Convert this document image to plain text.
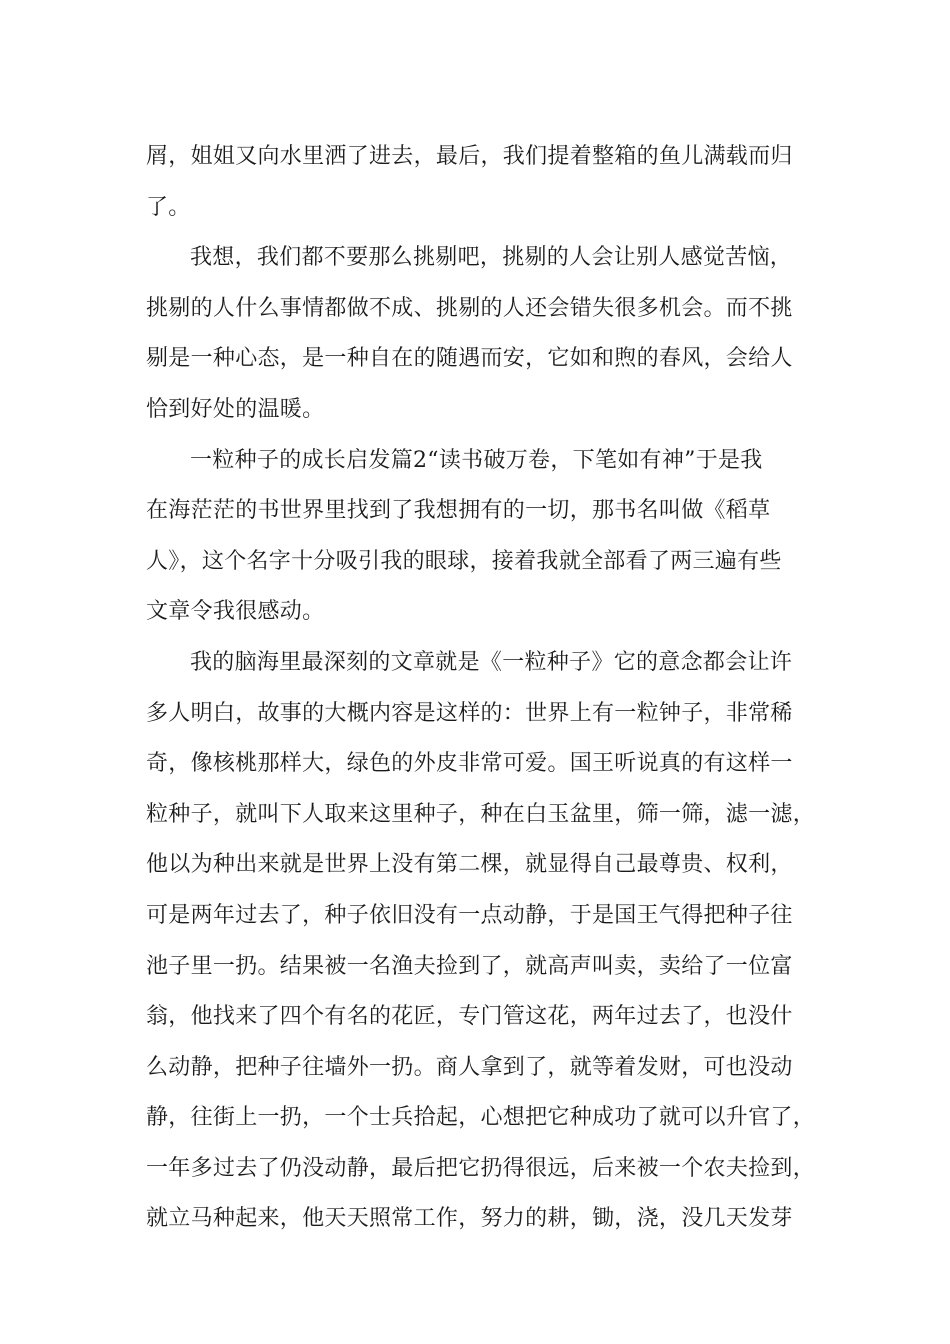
屑，姐姐又向水里洒了进去，最后，我们提着整箱的鱼儿满载而归
了。
我想，我们都不要那么挑剔吧，挑剔的人会让别人感觉苦恼，
挑剔的人什么事情都做不成、挑剔的人还会错失很多机会。而不挑
剔是一种心态，是一种自在的随遇而安，它如和煦的春风，会给人
恰到好处的温暖。
一粒种子的成长启发篇2“读书破万卷，下笔如有神”于是我
在海茫茫的书世界里找到了我想拥有的一切，那书名叫做《稻草
人》，这个名字十分吸引我的眼球，接着我就全部看了两三遍有些
文章令我很感动。
我的脑海里最深刻的文章就是《一粒种子》它的意念都会让许
多人明白，故事的大概内容是这样的：世界上有一粒钟子，非常稀
奇，像核桃那样大，绿色的外皮非常可爱。国王听说真的有这样一
粒种子，就叫下人取来这里种子，种在白玉盆里，筛一筛，滤一滤，
他以为种出来就是世界上没有第二棵，就显得自己最尊贵、权利，
可是两年过去了，种子依旧没有一点动静，于是国王气得把种子往
池子里一扔。结果被一名渔夫捡到了，就高声叫卖，卖给了一位富
翁，他找来了四个有名的花匠，专门管这花，两年过去了，也没什
么动静，把种子往墙外一扔。商人拿到了，就等着发财，可也没动
静，往街上一扔，一个士兵拾起，心想把它种成功了就可以升官了，
一年多过去了仍没动静，最后把它扔得很远，后来被一个农夫捡到，
就立马种起来，他天天照常工作，努力的耕，锄，浇，没几天发芽
